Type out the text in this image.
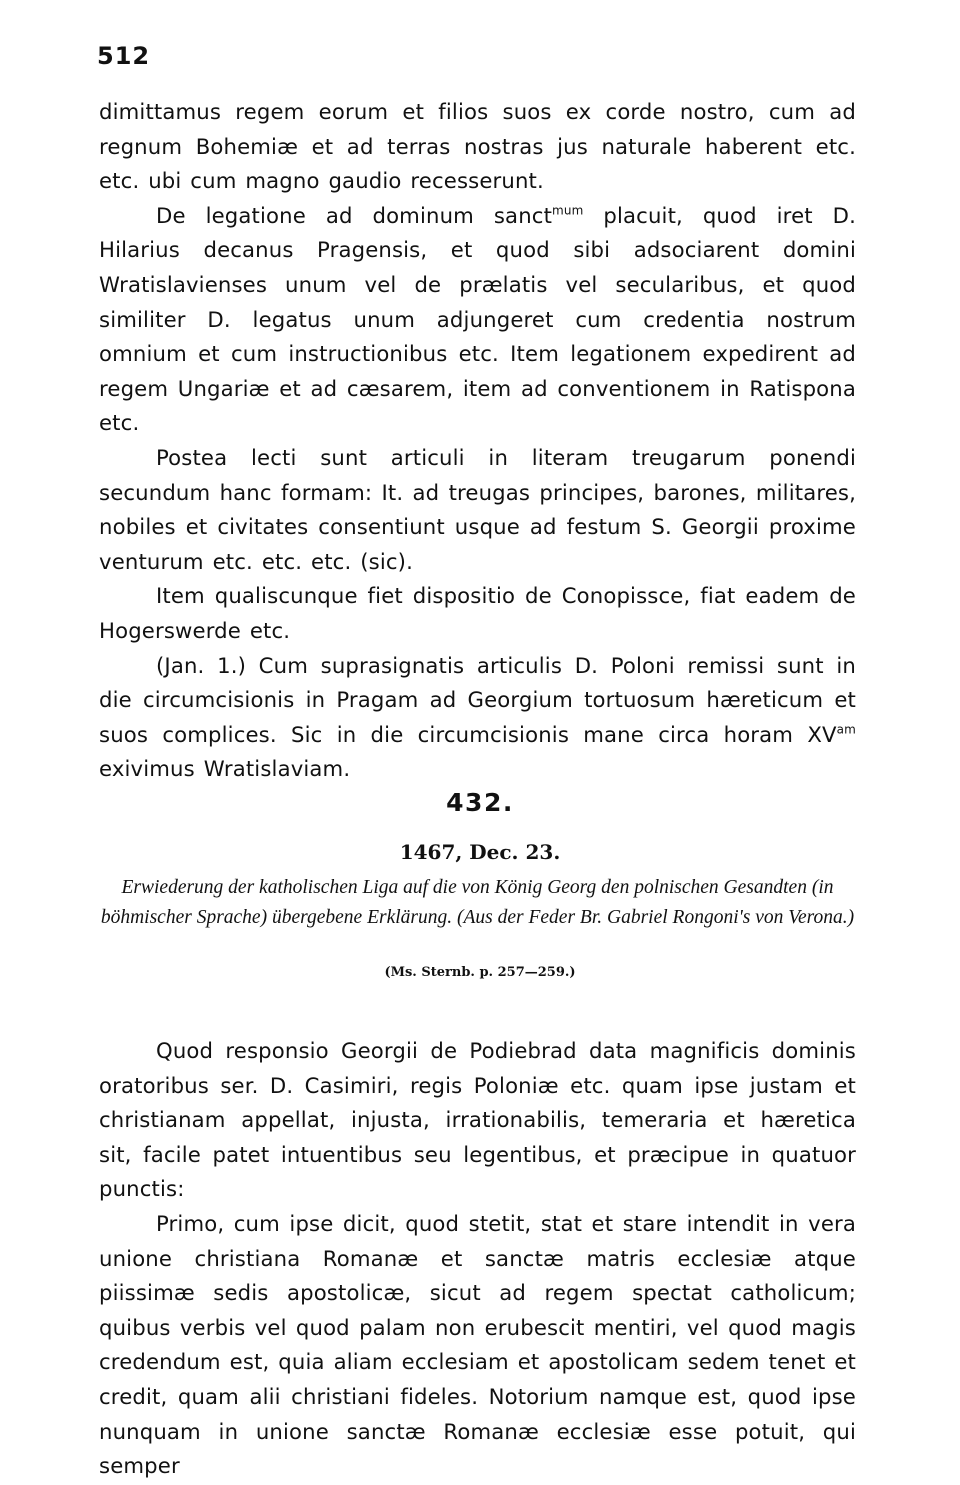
512

dimittamus regem eorum et filios suos ex corde nostro, cum ad regnum Bohemiæ et ad terras nostras jus naturale haberent etc. etc. ubi cum magno gaudio recesserunt.

De legatione ad dominum sanct$^{mum}$ placuit, quod iret D. Hilarius decanus Pragensis, et quod sibi adsociarent domini Wratislavienses unum vel de prælatis vel secularibus, et quod similiter D. legatus unum adjungeret cum credentia nostrum omnium et cum instructionibus etc. Item legationem expedirent ad regem Ungariæ et ad cæsarem, item ad conventionem in Ratispona etc.

Postea lecti sunt articuli in literam treugarum ponendi secundum hanc formam: It. ad treugas principes, barones, militares, nobiles et civitates consentiunt usque ad festum S. Georgii proxime venturum etc. etc. etc. (sic).

Item qualiscunque fiet dispositio de Conopissce, fiat eadem de Hogerswerde etc.

(Jan. 1.) Cum suprasignatis articulis D. Poloni remissi sunt in die circumcisionis in Pragam ad Georgium tortuosum hæreticum et suos complices. Sic in die circumcisionis mane circa horam $XV^{am}$ exivimus Wratislaviam.

432.
1467, Dec. 23.
Erwiederung der katholischen Liga auf die von König Georg den polnischen Gesandten (in böhmischer Sprache) übergebene Erklärung. (Aus der Feder Br. Gabriel Rongoni's von Verona.)
(Ms. Sternb. p. 257—259.)

Quod responsio Georgii de Podiebrad data magnificis dominis oratoribus ser. D. Casimiri, regis Poloniæ etc. quam ipse justam et christianam appellat, injusta, irrationabilis, temeraria et hæretica sit, facile patet intuentibus seu legentibus, et præcipue in quatuor punctis:

Primo, cum ipse dicit, quod stetit, stat et stare intendit in vera unione christiana Romanæ et sanctæ matris ecclesiæ atque piissimæ sedis apostolicæ, sicut ad regem spectat catholicum; quibus verbis vel quod palam non erubescit mentiri, vel quod magis credendum est, quia aliam ecclesiam et apostolicam sedem tenet et credit, quam alii christiani fideles. Notorium namque est, quod ipse nunquam in unione sanctæ Romanæ ecclesiæ esse potuit, qui semper
